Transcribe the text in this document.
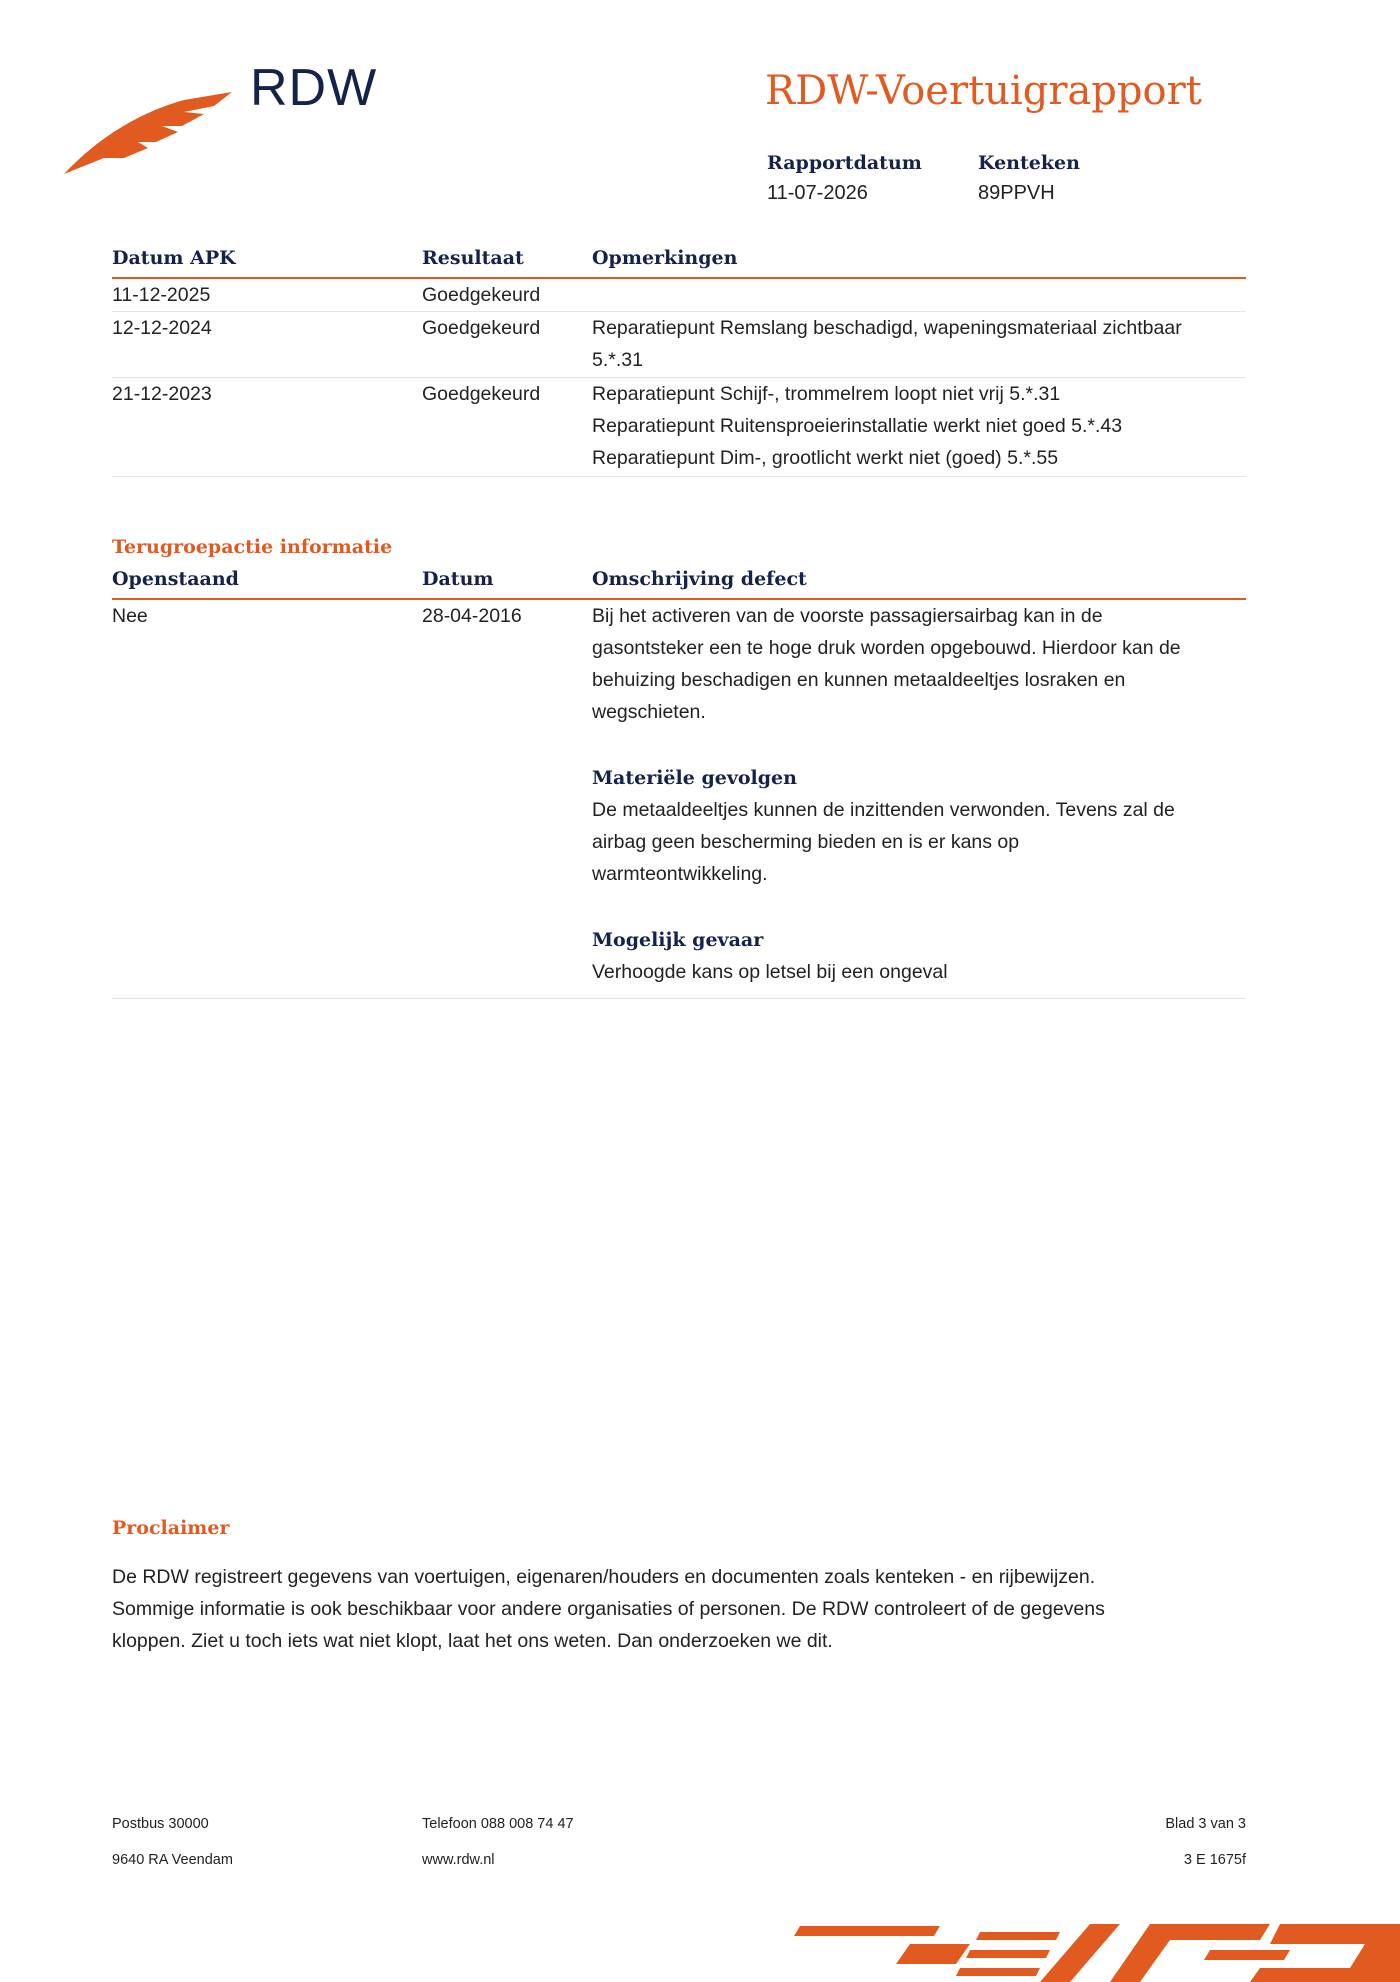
RDW	RDW-Voertuigrapport
Rapportdatum
11-07-2026
Kenteken
89PPVH
Datum APK	Resultaat	Opmerkingen
11-12-2025	Goedgekeurd
12-12-2024	Goedgekeurd	Reparatiepunt Remslang beschadigd, wapeningsmateriaal zichtbaar
5.*.31
21-12-2023	Goedgekeurd	Reparatiepunt Schijf-, trommelrem loopt niet vrij 5.*.31
Reparatiepunt Ruitensproeierinstallatie werkt niet goed 5.*.43
Reparatiepunt Dim-, grootlicht werkt niet (goed) 5.*.55
Terugroepactie informatie
Openstaand	Datum	Omschrijving defect
Nee	28-04-2016	Bij het activeren van de voorste passagiersairbag kan in de
gasontsteker een te hoge druk worden opgebouwd. Hierdoor kan de
behuizing beschadigen en kunnen metaaldeeltjes losraken en
wegschieten.
Materiële gevolgen
De metaaldeeltjes kunnen de inzittenden verwonden. Tevens zal de
airbag geen bescherming bieden en is er kans op
warmteontwikkeling.
Mogelijk gevaar
Verhoogde kans op letsel bij een ongeval
Proclaimer
De RDW registreert gegevens van voertuigen, eigenaren/houders en documenten zoals kenteken - en rijbewijzen.
Sommige informatie is ook beschikbaar voor andere organisaties of personen. De RDW controleert of de gegevens
kloppen. Ziet u toch iets wat niet klopt, laat het ons weten. Dan onderzoeken we dit.
Postbus 30000
9640 RA Veendam
Telefoon 088 008 74 47
www.rdw.nl
Blad 3 van 3
3 E 1675f
